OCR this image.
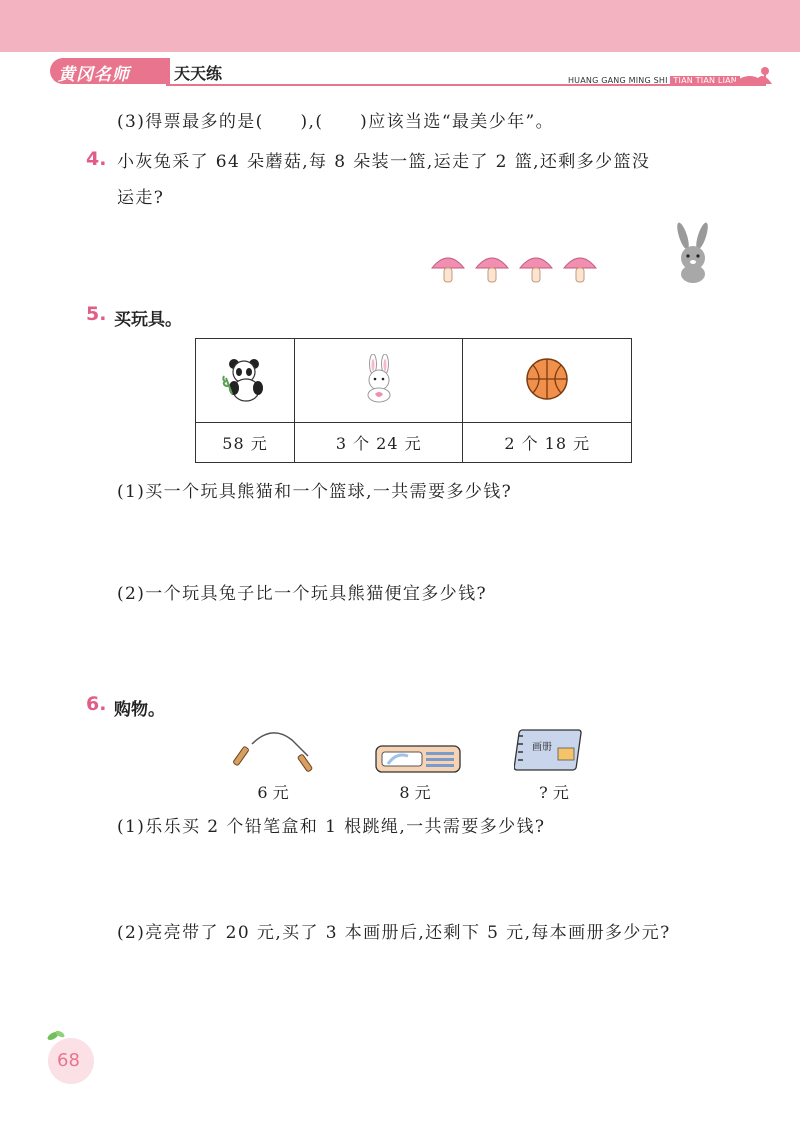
黄冈名师	天天练	HUANG GANG MING SHI TIAN TIAN LIAN
(3)得票最多的是(　　),(　　)应该当选“最美少年”。
4. 小灰兔采了 64 朵蘑菇,每 8 朵装一篮,运走了 2 篮,还剩多少篮没
运走?
5. 买玩具。

58 元	3 个 24 元	2 个 18 元
(1)买一个玩具熊猫和一个篮球,一共需要多少钱?
(2)一个玩具兔子比一个玩具熊猫便宜多少钱?
6. 购物。
6 元	8 元
画册
? 元
(1)乐乐买 2 个铅笔盒和 1 根跳绳,一共需要多少钱?
(2)亮亮带了 20 元,买了 3 本画册后,还剩下 5 元,每本画册多少元?
68
